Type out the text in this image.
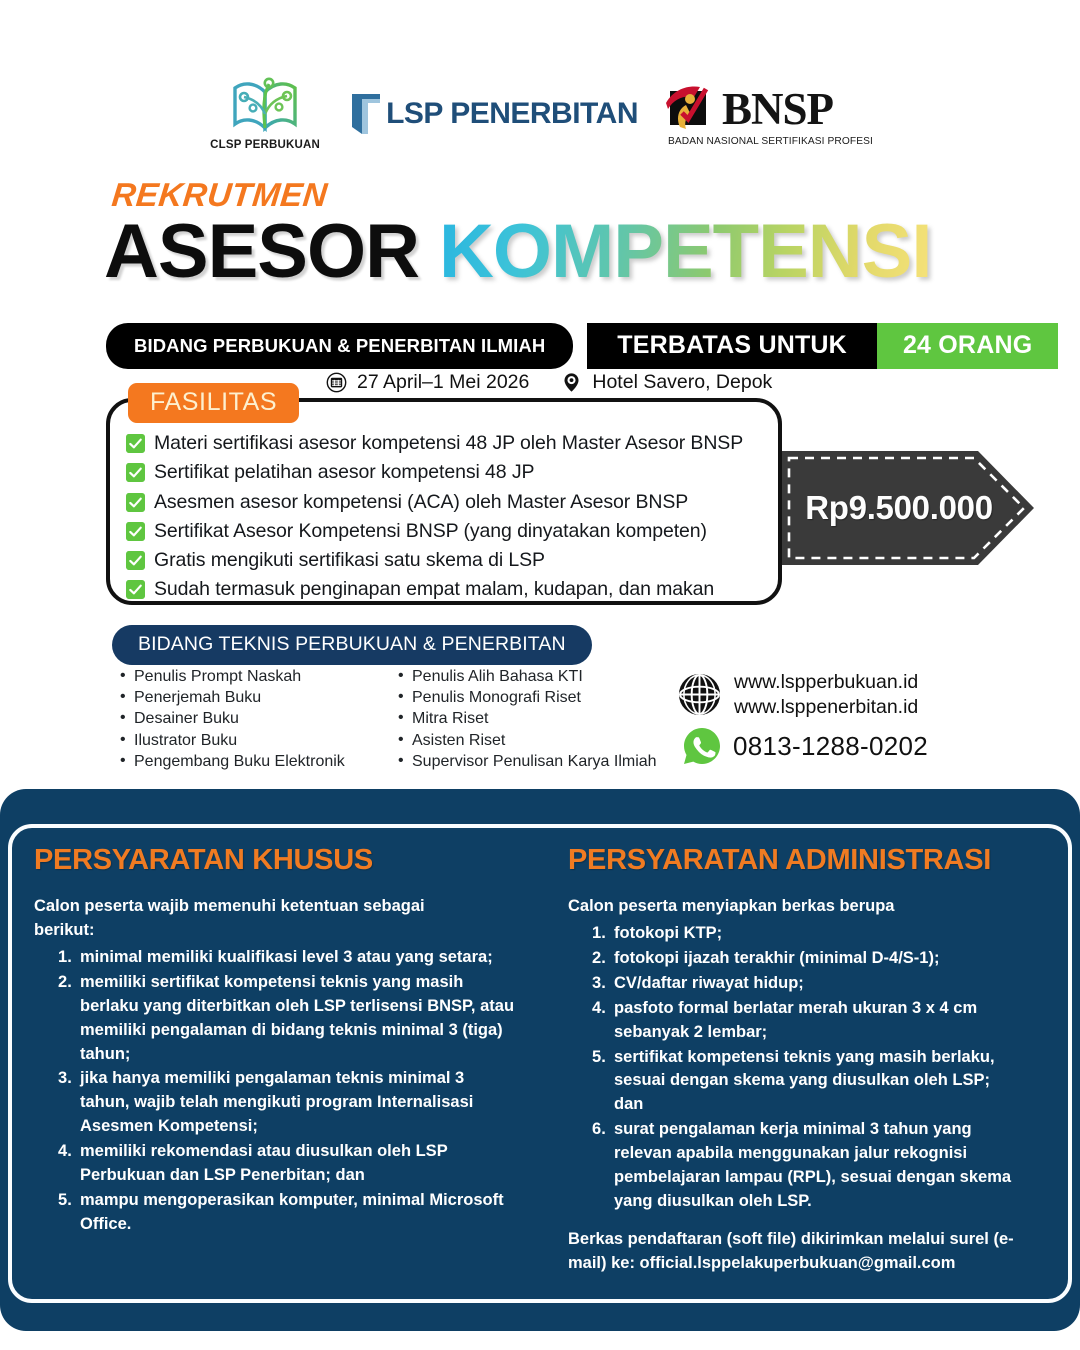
CLSP PERBUKUAN
LSP PENERBITAN BNSP
BADAN NASIONAL SERTIFIKASI PROFESI
REKRUTMEN
ASESOR KOMPETENSI
BIDANG PERBUKUAN & PENERBITAN ILMIAH	TERBATAS UNTUK	24 ORANG
27 April–1 Mei 2026	Hotel Savero, Depok
Rp9.500.000
FASILITAS
Materi sertifikasi asesor kompetensi 48 JP oleh Master Asesor BNSP
Sertifikat pelatihan asesor kompetensi 48 JP
Asesmen asesor kompetensi (ACA) oleh Master Asesor BNSP
Sertifikat Asesor Kompetensi BNSP (yang dinyatakan kompeten)
Gratis mengikuti sertifikasi satu skema di LSP
Sudah termasuk penginapan empat malam, kudapan, dan makan
BIDANG TEKNIS PERBUKUAN & PENERBITAN
• Penulis Prompt Naskah
• Penerjemah Buku
• Desainer Buku
• Ilustrator Buku
• Pengembang Buku Elektronik
• Penulis Alih Bahasa KTI
• Penulis Monografi Riset
• Mitra Riset
• Asisten Riset
• Supervisor Penulisan Karya Ilmiah
www.lspperbukuan.id
www.lsppenerbitan.id
0813-1288-0202
PERSYARATAN KHUSUS
Calon peserta wajib memenuhi ketentuan sebagai berikut:
minimal memiliki kualifikasi level 3 atau yang setara;
memiliki sertifikat kompetensi teknis yang masih berlaku yang diterbitkan oleh LSP terlisensi BNSP, atau memiliki pengalaman di bidang teknis minimal 3 (tiga) tahun;
jika hanya memiliki pengalaman teknis minimal 3 tahun, wajib telah mengikuti program Internalisasi Asesmen Kompetensi;
memiliki rekomendasi atau diusulkan oleh LSP Perbukuan dan LSP Penerbitan; dan
mampu mengoperasikan komputer, minimal Microsoft Office.
PERSYARATAN ADMINISTRASI
Calon peserta menyiapkan berkas berupa
fotokopi KTP;
fotokopi ijazah terakhir (minimal D-4/S-1);
CV/daftar riwayat hidup;
pasfoto formal berlatar merah ukuran 3 x 4 cm sebanyak 2 lembar;
sertifikat kompetensi teknis yang masih berlaku, sesuai dengan skema yang diusulkan oleh LSP; dan
surat pengalaman kerja minimal 3 tahun yang relevan apabila menggunakan jalur rekognisi pembelajaran lampau (RPL), sesuai dengan skema yang diusulkan oleh LSP.
Berkas pendaftaran (soft file) dikirimkan melalui surel (e-mail) ke: official.lsppelakuperbukuan@gmail.com
